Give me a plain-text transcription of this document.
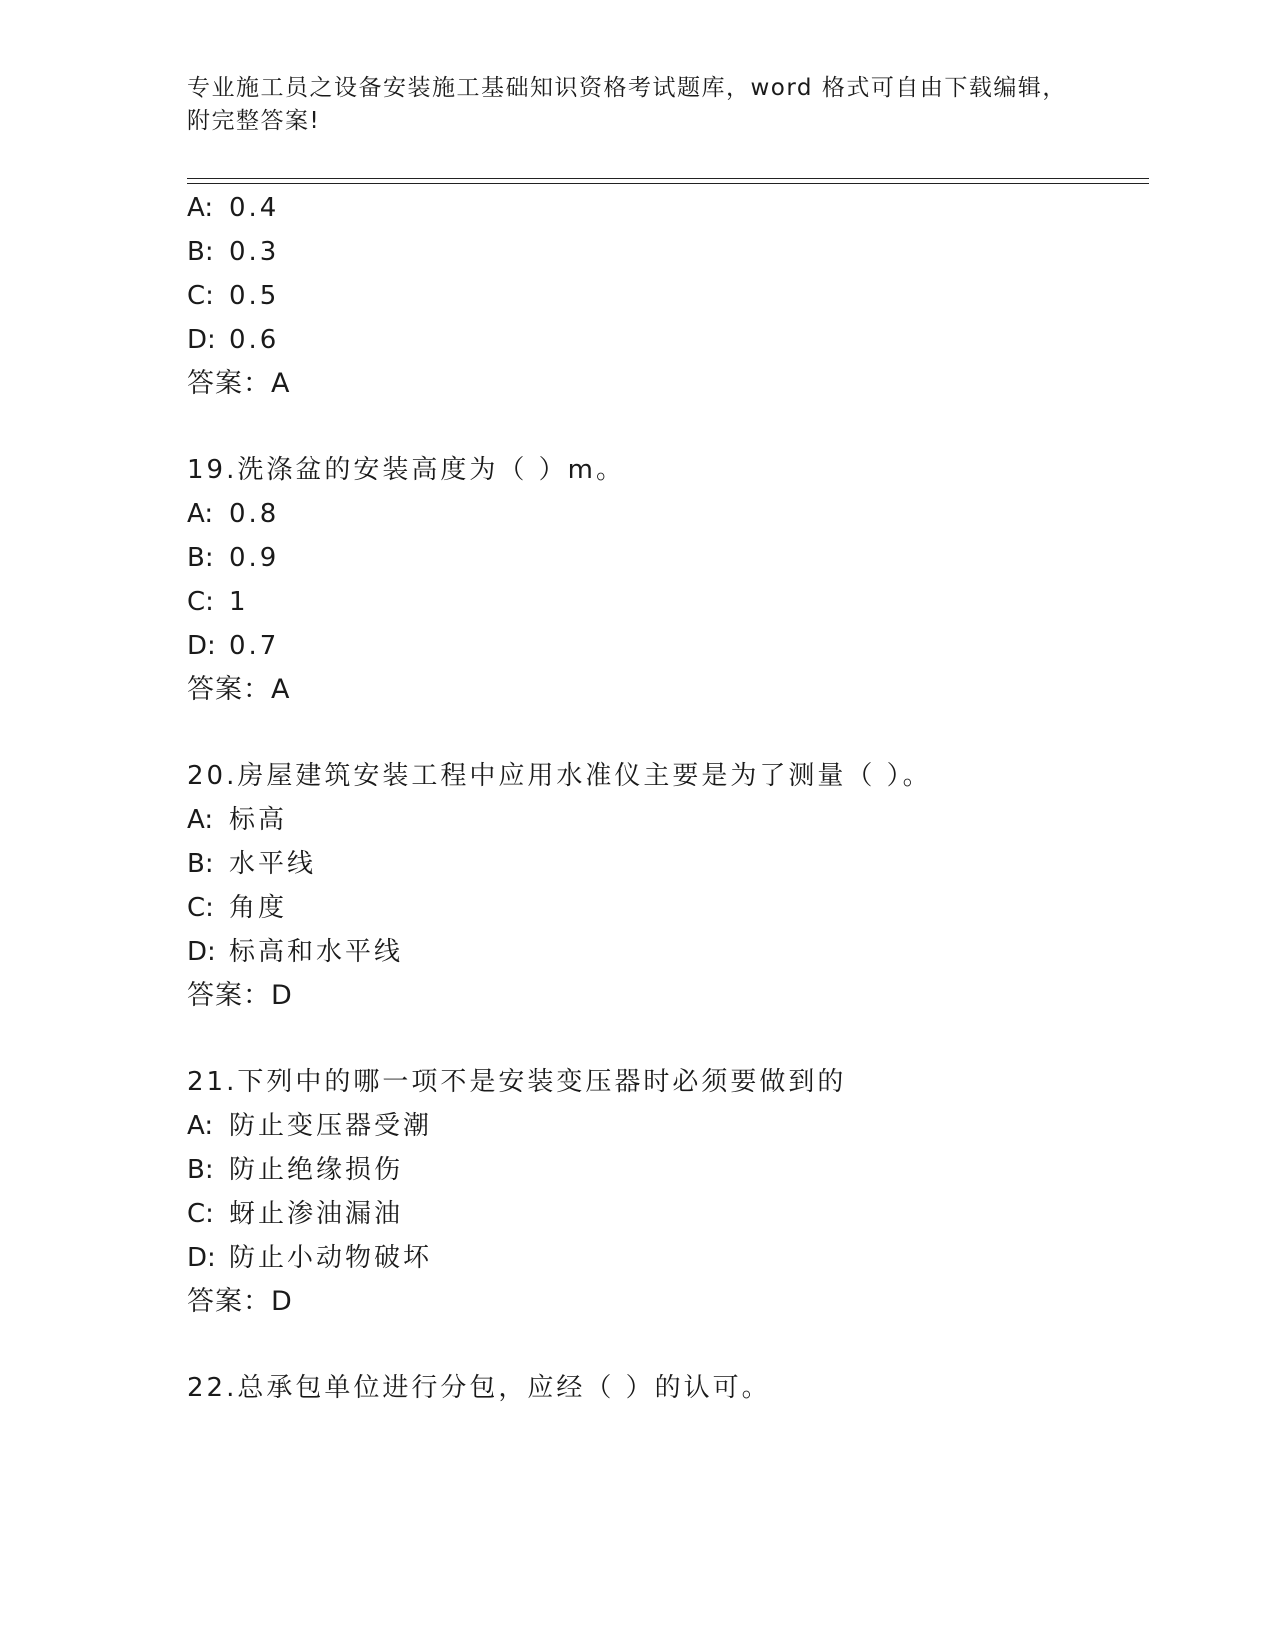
专业施工员之设备安装施工基础知识资格考试题库，word 格式可自由下载编辑，
附完整答案!
A: 0.4
B: 0.3
C: 0.5
D: 0.6
答案：A
19.洗涤盆的安装高度为（ ）m。
A: 0.8
B: 0.9
C: 1
D: 0.7
答案：A
20.房屋建筑安装工程中应用水准仪主要是为了测量（ ）。
A: 标高
B: 水平线
C: 角度
D: 标高和水平线
答案：D
21.下列中的哪一项不是安装变压器时必须要做到的
A: 防止变压器受潮
B: 防止绝缘损伤
C: 蚜止渗油漏油
D: 防止小动物破坏
答案：D
22.总承包单位进行分包，应经（ ）的认可。
